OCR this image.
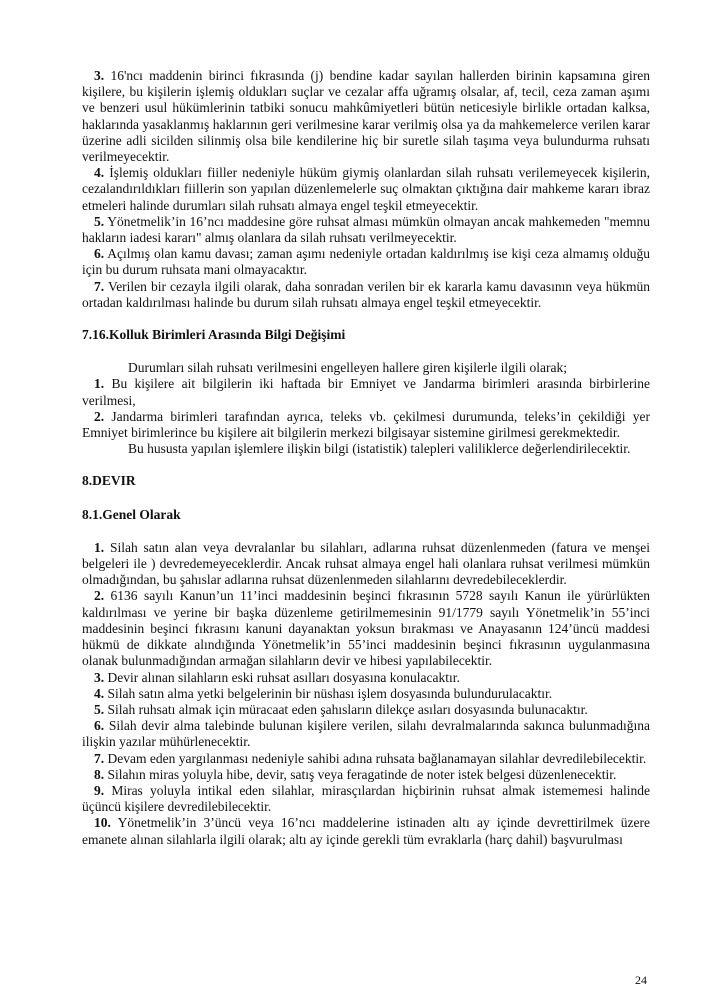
3. 16'ncı maddenin birinci fıkrasında (j) bendine kadar sayılan hallerden birinin kapsamına giren kişilere, bu kişilerin işlemiş oldukları suçlar ve cezalar affa uğramış olsalar, af, tecil, ceza zaman aşımı ve benzeri usul hükümlerinin tatbiki sonucu mahkûmiyetleri bütün neticesiyle birlikle ortadan kalksa, haklarında yasaklanmış haklarının geri verilmesine karar verilmiş olsa ya da mahkemelerce verilen karar üzerine adli sicilden silinmiş olsa bile kendilerine hiç bir suretle silah taşıma veya bulundurma ruhsatı verilmeyecektir.

4. İşlemiş oldukları fiiller nedeniyle hüküm giymiş olanlardan silah ruhsatı verilemeyecek kişilerin, cezalandırıldıkları fiillerin son yapılan düzenlemelerle suç olmaktan çıktığına dair mahkeme kararı ibraz etmeleri halinde durumları silah ruhsatı almaya engel teşkil etmeyecektir.

5. Yönetmelik’in 16’ncı maddesine göre ruhsat alması mümkün olmayan ancak mahkemeden "memnu hakların iadesi kararı" almış olanlara da silah ruhsatı verilmeyecektir.

6. Açılmış olan kamu davası; zaman aşımı nedeniyle ortadan kaldırılmış ise kişi ceza almamış olduğu için bu durum ruhsata mani olmayacaktır.

7. Verilen bir cezayla ilgili olarak, daha sonradan verilen bir ek kararla kamu davasının veya hükmün ortadan kaldırılması halinde bu durum silah ruhsatı almaya engel teşkil etmeyecektir.

7.16.Kolluk Birimleri Arasında Bilgi Değişimi

Durumları silah ruhsatı verilmesini engelleyen hallere giren kişilerle ilgili olarak;

1. Bu kişilere ait bilgilerin iki haftada bir Emniyet ve Jandarma birimleri arasında birbirlerine verilmesi,

2. Jandarma birimleri tarafından ayrıca, teleks vb. çekilmesi durumunda, teleks’in çekildiği yer Emniyet birimlerince bu kişilere ait bilgilerin merkezi bilgisayar sistemine girilmesi gerekmektedir.

Bu hususta yapılan işlemlere ilişkin bilgi (istatistik) talepleri valiliklerce değerlendirilecektir.

8.DEVIR
8.1.Genel Olarak

1. Silah satın alan veya devralanlar bu silahları, adlarına ruhsat düzenlenmeden (fatura ve menşei belgeleri ile ) devredemeyeceklerdir. Ancak ruhsat almaya engel hali olanlara ruhsat verilmesi mümkün olmadığından, bu şahıslar adlarına ruhsat düzenlenmeden silahlarını devredebileceklerdir.

2. 6136 sayılı Kanun’un 11’inci maddesinin beşinci fıkrasının 5728 sayılı Kanun ile yürürlükten kaldırılması ve yerine bir başka düzenleme getirilmemesinin 91/1779 sayılı Yönetmelik’in 55’inci maddesinin beşinci fıkrasını kanuni dayanaktan yoksun bırakması ve Anayasanın 124’üncü maddesi hükmü de dikkate alındığında Yönetmelik’in 55’inci maddesinin beşinci fıkrasının uygulanmasına olanak bulunmadığından armağan silahların devir ve hibesi yapılabilecektir.

3. Devir alınan silahların eski ruhsat asılları dosyasına konulacaktır.

4. Silah satın alma yetki belgelerinin bir nüshası işlem dosyasında bulundurulacaktır.

5. Silah ruhsatı almak için müracaat eden şahısların dilekçe asıları dosyasında bulunacaktır.

6. Silah devir alma talebinde bulunan kişilere verilen, silahı devralmalarında sakınca bulunmadığına ilişkin yazılar mühürlenecektir.

7. Devam eden yargılanması nedeniyle sahibi adına ruhsata bağlanamayan silahlar devredilebilecektir.

8. Silahın miras yoluyla hibe, devir, satış veya feragatinde de noter istek belgesi düzenlenecektir.

9. Miras yoluyla intikal eden silahlar, mirasçılardan hiçbirinin ruhsat almak istememesi halinde üçüncü kişilere devredilebilecektir.

10. Yönetmelik’in 3’üncü veya 16’ncı maddelerine istinaden altı ay içinde devrettirilmek üzere emanete alınan silahlarla ilgili olarak; altı ay içinde gerekli tüm evraklarla (harç dahil) başvurulması

24
